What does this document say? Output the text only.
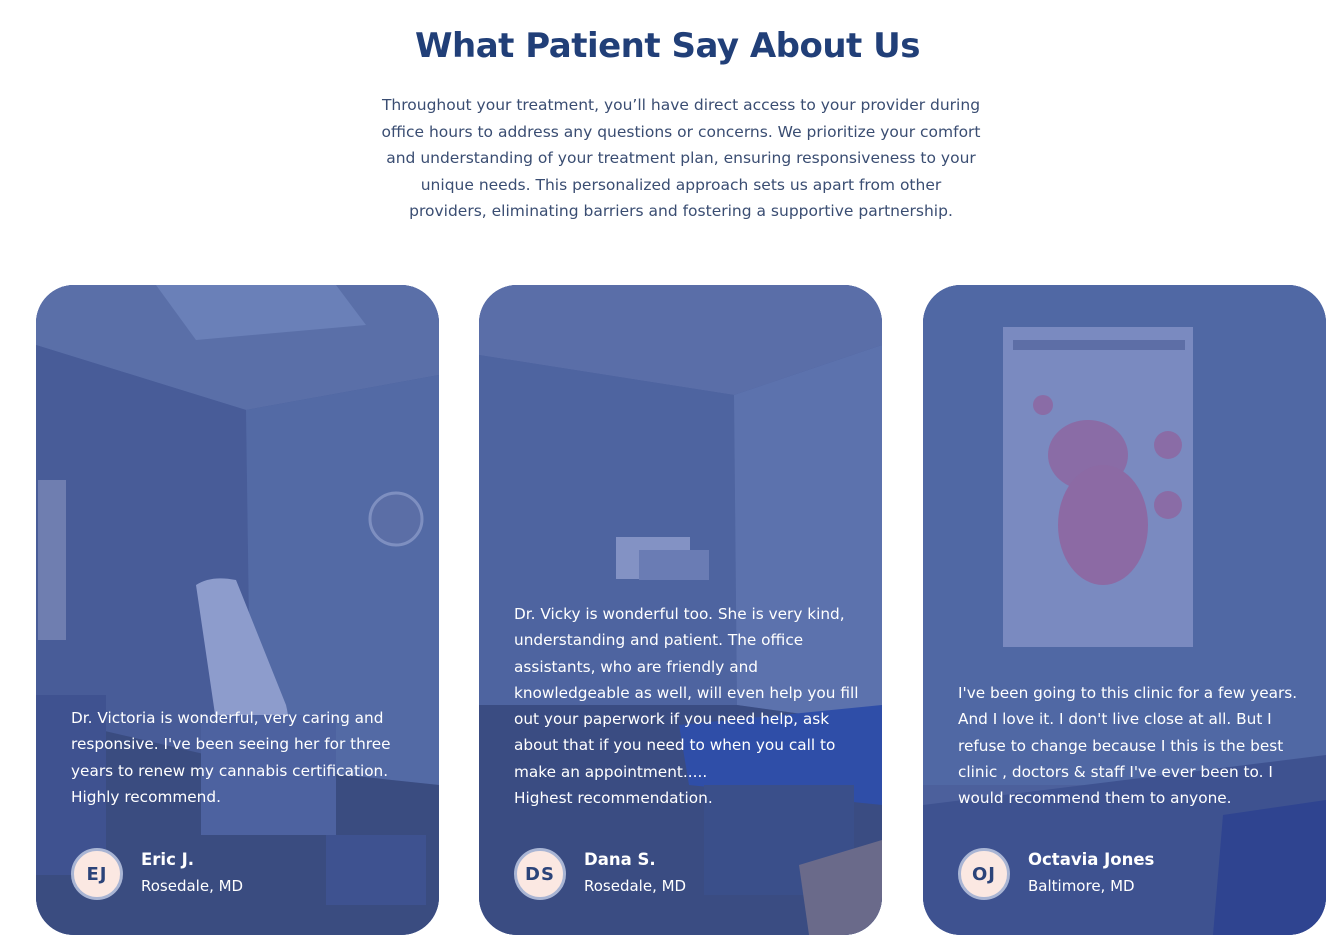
What Patient Say About Us

Throughout your treatment, you’ll have direct access to your provider during office hours to address any questions or concerns. We prioritize your comfort and understanding of your treatment plan, ensuring responsiveness to your unique needs. This personalized approach sets us apart from other providers, eliminating barriers and fostering a supportive partnership.

Dr. Victoria is wonderful, very caring and responsive. I've been seeing her for three years to renew my cannabis certification. Highly recommend.

EJ
Eric J.
Rosedale, MD

Dr. Vicky is wonderful too. She is very kind, understanding and patient. The office assistants, who are friendly and knowledgeable as well, will even help you fill out your paperwork if you need help, ask about that if you need to when you call to make an appointment.....
Highest recommendation.

DS
Dana S.
Rosedale, MD

I've been going to this clinic for a few years. And I love it. I don't live close at all. But I refuse to change because I this is the best clinic , doctors & staff I've ever been to. I would recommend them to anyone.

OJ
Octavia Jones
Baltimore, MD
